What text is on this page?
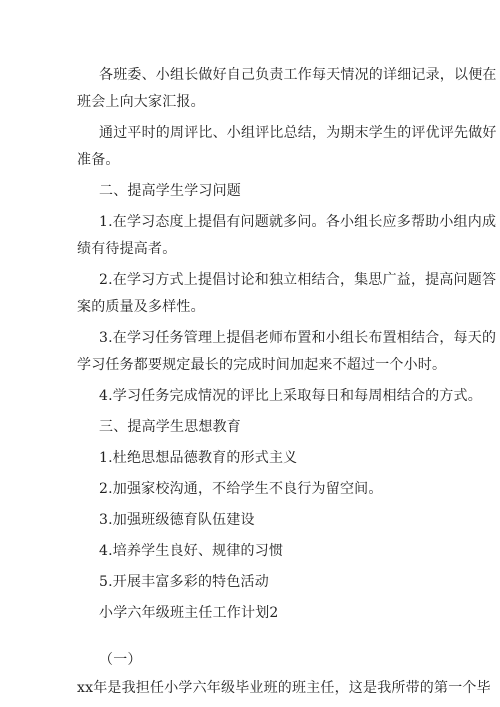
各班委、小组长做好自己负责工作每天情况的详细记录，以便在
班会上向大家汇报。
通过平时的周评比、小组评比总结，为期末学生的评优评先做好
准备。
二、提高学生学习问题
1.在学习态度上提倡有问题就多问。各小组长应多帮助小组内成
绩有待提高者。
2.在学习方式上提倡讨论和独立相结合，集思广益，提高问题答
案的质量及多样性。
3.在学习任务管理上提倡老师布置和小组长布置相结合，每天的
学习任务都要规定最长的完成时间加起来不超过一个小时。
4.学习任务完成情况的评比上采取每日和每周相结合的方式。
三、提高学生思想教育
1.杜绝思想品德教育的形式主义
2.加强家校沟通，不给学生不良行为留空间。
3.加强班级德育队伍建设
4.培养学生良好、规律的习惯
5.开展丰富多彩的特色活动
小学六年级班主任工作计划2
（一）
xx年是我担任小学六年级毕业班的班主任，这是我所带的第一个毕
